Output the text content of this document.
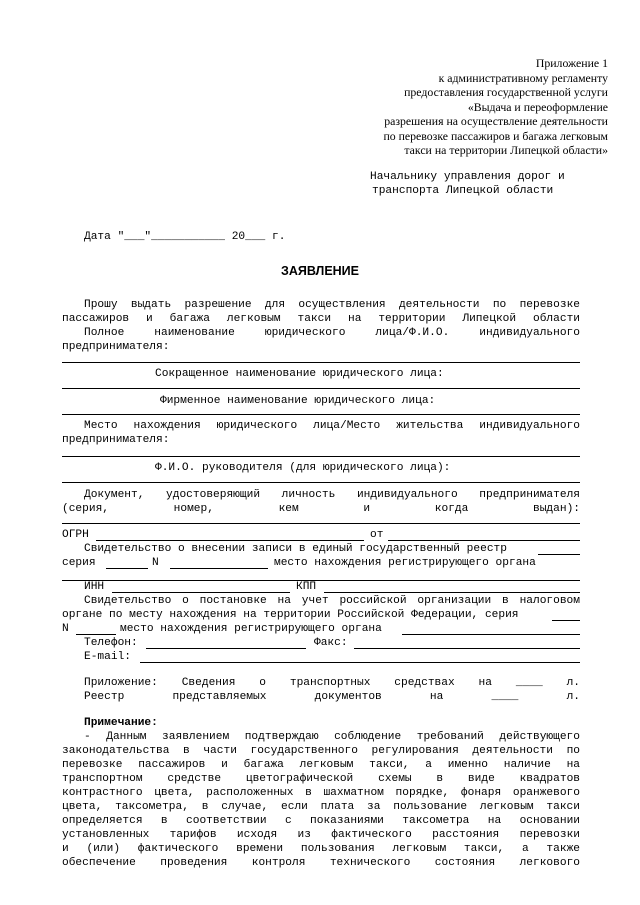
Приложение 1
к административному регламенту
предоставления государственной услуги
«Выдача и переоформление
разрешения на осуществление деятельности
по перевозке пассажиров и багажа легковым
такси на территории Липецкой области»
Начальнику управления дорог и
транспорта Липецкой области
Дата "___"___________ 20___ г.
ЗАЯВЛЕНИЕ
Прошу выдать разрешение для осуществления деятельности по перевозке
пассажиров и багажа легковым такси на территории Липецкой области
Полное наименование юридического лица/Ф.И.О. индивидуального
предпринимателя:
Сокращенное наименование юридического лица:
Фирменное наименование юридического лица:
Место нахождения юридического лица/Место жительства индивидуального
предпринимателя:
Ф.И.О. руководителя (для юридического лица):
Документ, удостоверяющий личность индивидуального предпринимателя
(серия, номер, кем и когда выдан):
ОГРН	от
Свидетельство о внесении записи в единый государственный реестр
серия	N	место нахождения регистрирующего органа
ИНН	КПП
Свидетельство о постановке на учет российской организации в налоговом
органе по месту нахождения на территории Российской Федерации, серия
N	место нахождения регистрирующего органа
Телефон:	Факс:
E-mail:
Приложение: Сведения о транспортных средствах на ____ л.
Реестр представляемых документов на ____ л.
Примечание:
- Данным заявлением подтверждаю соблюдение требований действующего
законодательства в части государственного регулирования деятельности по
перевозке пассажиров и багажа легковым такси, а именно наличие на
транспортном средстве цветографической схемы в виде квадратов
контрастного цвета, расположенных в шахматном порядке, фонаря оранжевого
цвета, таксометра, в случае, если плата за пользование легковым такси
определяется в соответствии с показаниями таксометра на основании
установленных тарифов исходя из фактического расстояния перевозки
и (или) фактического времени пользования легковым такси, а также
обеспечение проведения контроля технического состояния легкового
